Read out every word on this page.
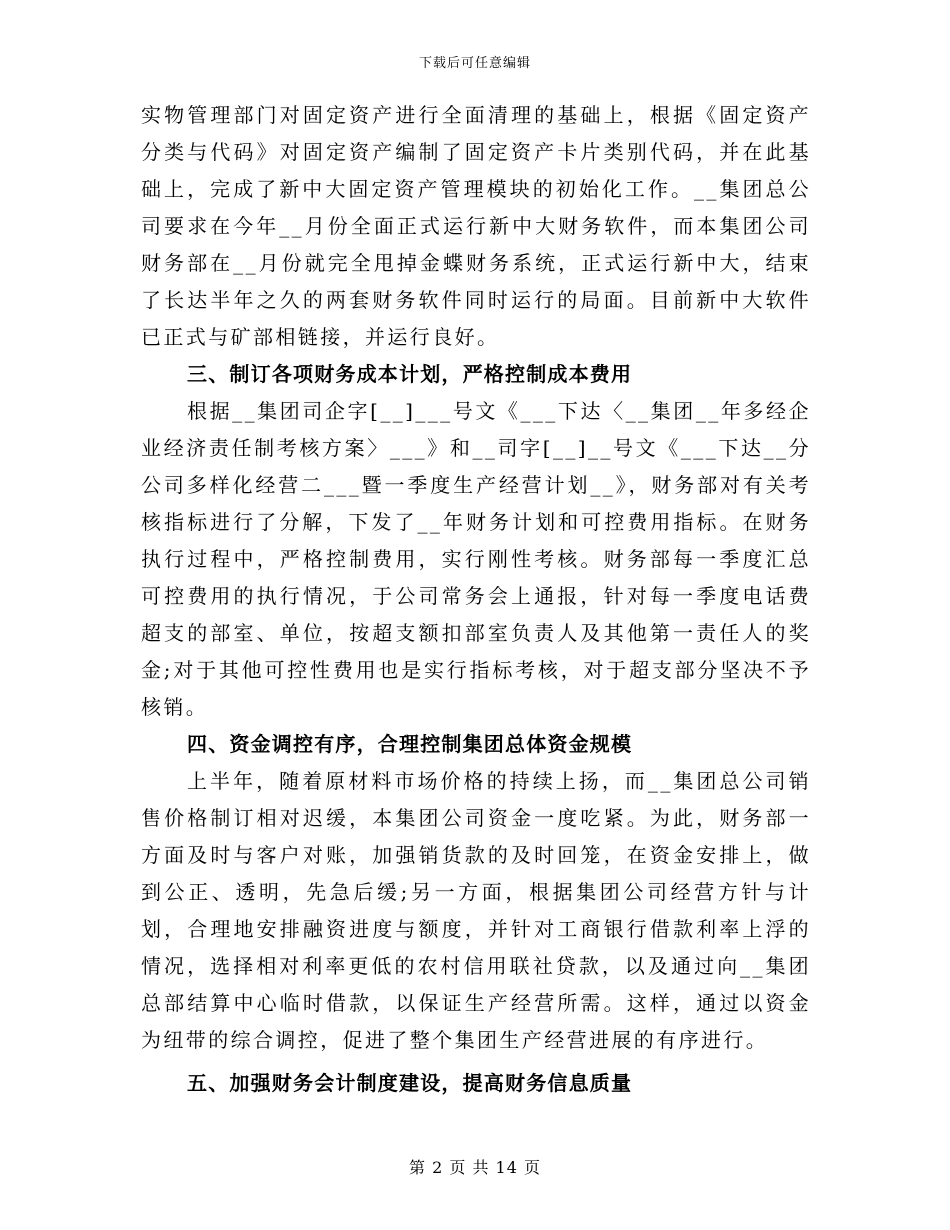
下载后可任意编辑

实物管理部门对固定资产进行全面清理的基础上，根据《固定资产分类与代码》对固定资产编制了固定资产卡片类别代码，并在此基础上，完成了新中大固定资产管理模块的初始化工作。__集团总公司要求在今年__月份全面正式运行新中大财务软件，而本集团公司财务部在__月份就完全甩掉金蝶财务系统，正式运行新中大，结束了长达半年之久的两套财务软件同时运行的局面。目前新中大软件已正式与矿部相链接，并运行良好。

三、制订各项财务成本计划，严格控制成本费用

根据__集团司企字[__]___号文《___下达〈__集团__年多经企业经济责任制考核方案〉___》和__司字[__]__号文《___下达__分公司多样化经营二___暨一季度生产经营计划__》，财务部对有关考核指标进行了分解，下发了__年财务计划和可控费用指标。在财务执行过程中，严格控制费用，实行刚性考核。财务部每一季度汇总可控费用的执行情况，于公司常务会上通报，针对每一季度电话费超支的部室、单位，按超支额扣部室负责人及其他第一责任人的奖金;对于其他可控性费用也是实行指标考核，对于超支部分坚决不予核销。

四、资金调控有序，合理控制集团总体资金规模

上半年，随着原材料市场价格的持续上扬，而__集团总公司销售价格制订相对迟缓，本集团公司资金一度吃紧。为此，财务部一方面及时与客户对账，加强销货款的及时回笼，在资金安排上，做到公正、透明，先急后缓;另一方面，根据集团公司经营方针与计划，合理地安排融资进度与额度，并针对工商银行借款利率上浮的情况，选择相对利率更低的农村信用联社贷款，以及通过向__集团总部结算中心临时借款，以保证生产经营所需。这样，通过以资金为纽带的综合调控，促进了整个集团生产经营进展的有序进行。

五、加强财务会计制度建设，提高财务信息质量
第 2 页 共 14 页
